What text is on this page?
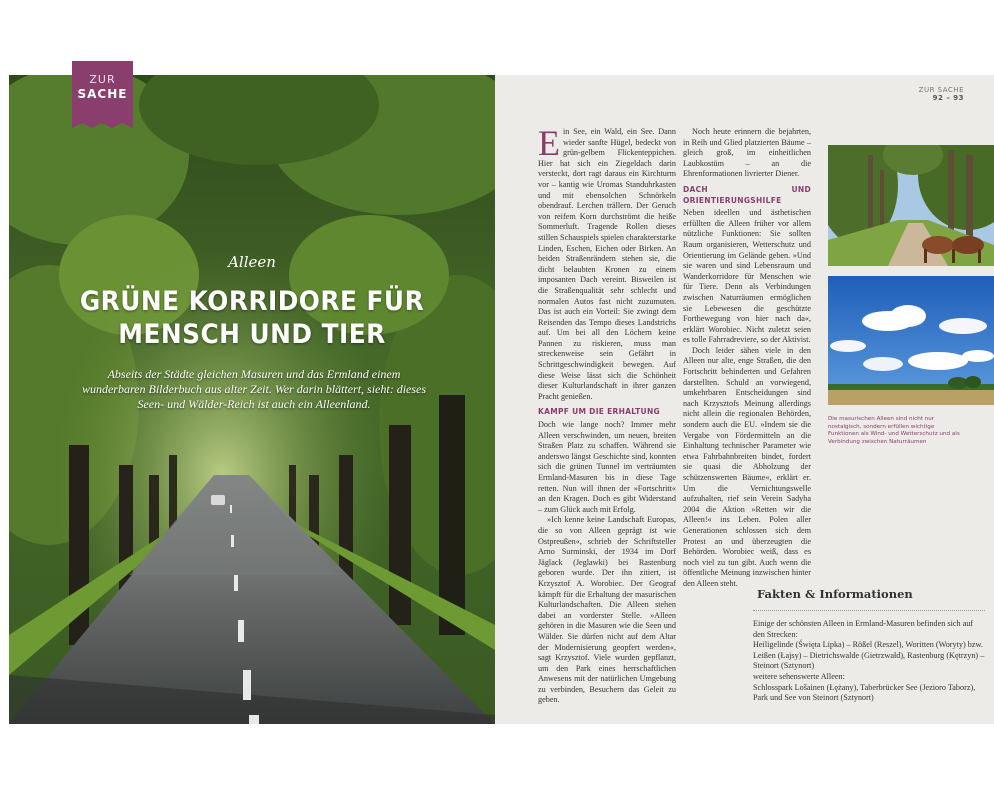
Alleen
GRÜNE KORRIDORE FÜR
MENSCH UND TIER
Abseits der Städte gleichen Masuren und das Ermland einem wunderbaren Bilderbuch aus alter Zeit. Wer darin blättert, sieht: dieses Seen- und Wälder-Reich ist auch ein Alleenland.
ZUR
SACHE	ZUR SACHE
92 – 93

Ein See, ein Wald, ein See. Dann wieder sanfte Hügel, bedeckt von grün-gelbem Flickenteppichen. Hier hat sich ein Ziegeldach darin versteckt, dort ragt daraus ein Kirchturm vor – kantig wie Uromas Standuhrkasten und mit ebensolchen Schnörkeln obendrauf. Lerchen trällern. Der Geruch von reifem Korn durchströmt die heiße Sommerluft. Tragende Rollen dieses stillen Schauspiels spielen charakterstarke Linden, Eschen, Eichen oder Birken. An beiden Straßenrändern stehen sie, die dicht belaubten Kronen zu einem imposanten Dach vereint. Bisweilen ist die Straßenqualität sehr schlecht und normalen Autos fast nicht zuzumuten. Das ist auch ein Vorteil: Sie zwingt dem Reisenden das Tempo dieses Landstrichs auf. Um bei all den Löchern keine Pannen zu riskieren, muss man streckenweise sein Gefährt in Schrittgeschwindigkeit bewegen. Auf diese Weise lässt sich die Schönheit dieser Kulturlandschaft in ihrer ganzen Pracht genießen.

KAMPF UM DIE ERHALTUNG

Doch wie lange noch? Immer mehr Alleen verschwinden, um neuen, breiten Straßen Platz zu schaffen. Während sie anderswo längst Geschichte sind, konnten sich die grünen Tunnel im verträumten Ermland-Masuren bis in diese Tage retten. Nun will ihnen der »Fortschritt« an den Kragen. Doch es gibt Widerstand – zum Glück auch mit Erfolg.

»Ich kenne keine Landschaft Europas, die so von Alleen geprägt ist wie Ostpreußen«, schrieb der Schriftsteller Arno Surminski, der 1934 im Dorf Jäglack (Jeglawki) bei Rastenburg geboren wurde. Der ihn zitiert, ist Krzysztof A. Worobiec. Der Geograf kämpft für die Erhaltung der masurischen Kulturlandschaften. Die Alleen stehen dabei an vorderster Stelle. »Alleen gehören in die Masuren wie die Seen und Wälder. Sie dürfen nicht auf dem Altar der Modernisierung geopfert werden«, sagt Krzysztof. Viele wurden gepflanzt, um den Park eines herrschaftlichen Anwesens mit der natürlichen Umgebung zu verbinden, Besuchern das Geleit zu geben.

Noch heute erinnern die bejahrten, in Reih und Glied platzierten Bäume – gleich groß, im einheitlichen Laubkostüm – an die Ehrenformationen livrierter Diener.

DACH UND ORIENTIERUNGSHILFE

Neben ideellen und ästhetischen erfüllten die Alleen früher vor allem nützliche Funktionen: Sie sollten Raum organisieren, Wetterschutz und Orientierung im Gelände geben. »Und sie waren und sind Lebensraum und Wanderkorridore für Menschen wie für Tiere. Denn als Verbindungen zwischen Naturräumen ermöglichen sie Lebewesen die geschützte Fortbewegung von hier nach da«, erklärt Worobiec. Nicht zuletzt seien es tolle Fahrradreviere, so der Aktivist.

Doch leider sähen viele in den Alleen nur alte, enge Straßen, die den Fortschritt behinderten und Gefahren darstellten. Schuld an vorwiegend, umkehrbaren Entscheidungen sind nach Krzysztofs Meinung allerdings nicht allein die regionalen Behörden, sondern auch die EU. »Indem sie die Vergabe von Fördermitteln an die Einhaltung technischer Parameter wie etwa Fahrbahnbreiten bindet, fordert sie quasi die Abholzung der schützenswerten Bäume«, erklärt er. Um die Vernichtungswelle aufzuhalten, rief sein Verein Sadyba 2004 die Aktion »Retten wir die Alleen!« ins Leben. Polen aller Generationen schlossen sich dem Protest an und überzeugten die Behörden. Worobiec weiß, dass es noch viel zu tun gibt. Auch wenn die öffentliche Meinung inzwischen hinter den Alleen steht.

Die masurischen Alleen sind nicht nur nostalgisch, sondern erfüllen wichtige Funktionen als Wind- und Wetterschutz und als Verbindung zwischen Naturräumen
Fakten & Informationen

Einige der schönsten Alleen in Ermland-Masuren befinden sich auf den Strecken:

Heiligelinde (Święta Lipka) – Rößel (Reszel), Woritten (Woryty) bzw. Leißen (Łajsy) – Dietrichswalde (Gietrzwałd), Rastenburg (Kętrzyn) – Steinort (Sztynort)

weitere sehenswerte Alleen:

Schlosspark Lošainen (Łężany), Taberbrücker See (Jezioro Taborz), Park und See von Steinort (Sztynort)
